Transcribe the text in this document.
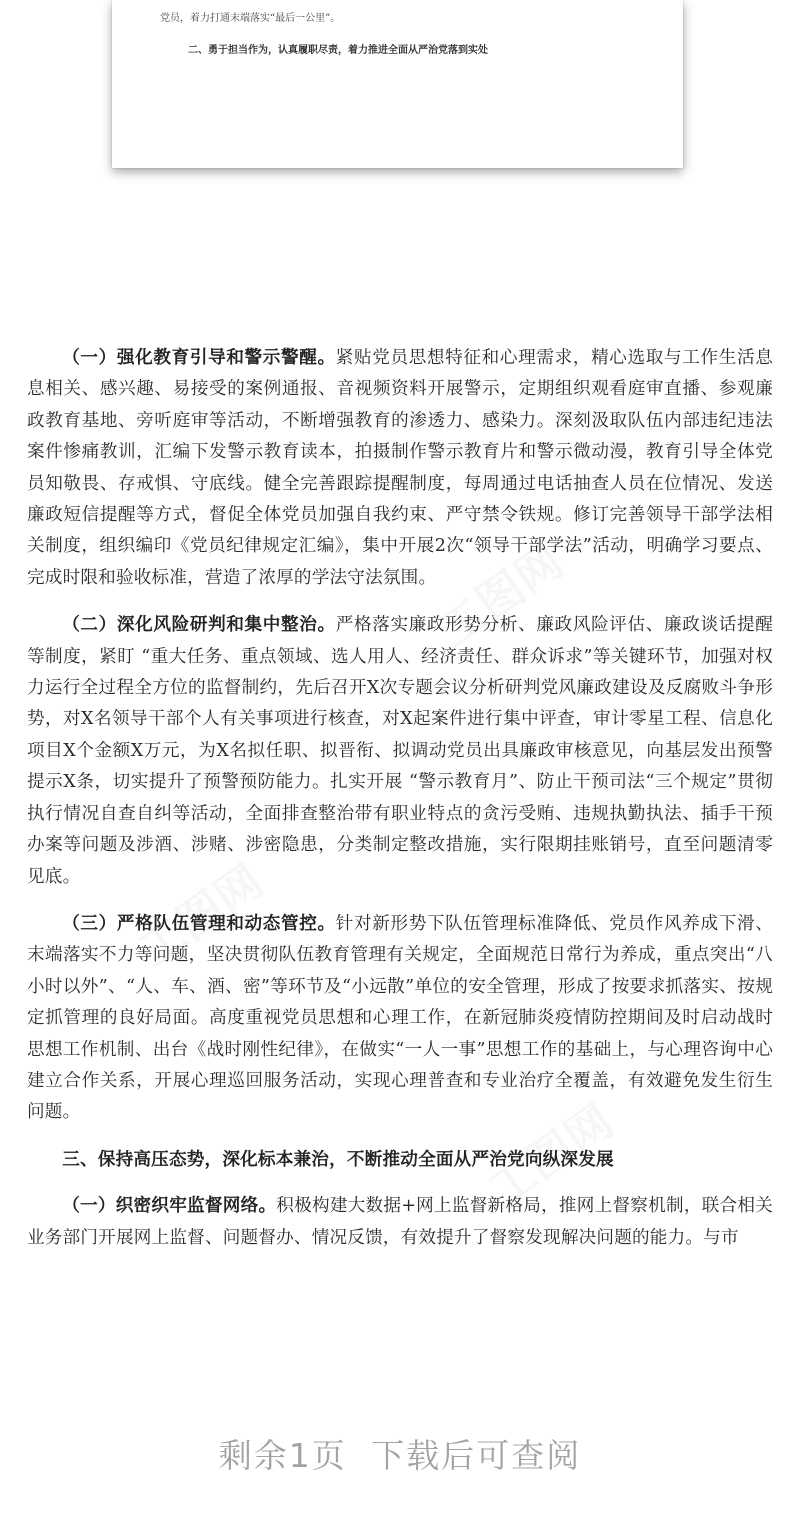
党员，着力打通末端落实“最后一公里”。
二、勇于担当作为，认真履职尽责，着力推进全面从严治党落到实处

（一）强化教育引导和警示警醒。紧贴党员思想特征和心理需求，精心选取与工作生活息息相关、感兴趣、易接受的案例通报、音视频资料开展警示，定期组织观看庭审直播、参观廉政教育基地、旁听庭审等活动，不断增强教育的渗透力、感染力。深刻汲取队伍内部违纪违法案件惨痛教训，汇编下发警示教育读本，拍摄制作警示教育片和警示微动漫，教育引导全体党员知敬畏、存戒惧、守底线。健全完善跟踪提醒制度，每周通过电话抽查人员在位情况、发送廉政短信提醒等方式，督促全体党员加强自我约束、严守禁令铁规。修订完善领导干部学法相关制度，组织编印《党员纪律规定汇编》，集中开展2次“领导干部学法”活动，明确学习要点、完成时限和验收标准，营造了浓厚的学法守法氛围。

（二）深化风险研判和集中整治。严格落实廉政形势分析、廉政风险评估、廉政谈话提醒等制度，紧盯 “重大任务、重点领域、选人用人、经济责任、群众诉求”等关键环节，加强对权力运行全过程全方位的监督制约，先后召开X次专题会议分析研判党风廉政建设及反腐败斗争形势，对X名领导干部个人有关事项进行核查，对X起案件进行集中评查，审计零星工程、信息化项目X个金额X万元，为X名拟任职、拟晋衔、拟调动党员出具廉政审核意见，向基层发出预警提示X条，切实提升了预警预防能力。扎实开展 “警示教育月”、防止干预司法“三个规定”贯彻执行情况自查自纠等活动，全面排查整治带有职业特点的贪污受贿、违规执勤执法、插手干预办案等问题及涉酒、涉赌、涉密隐患，分类制定整改措施，实行限期挂账销号，直至问题清零见底。

（三）严格队伍管理和动态管控。针对新形势下队伍管理标准降低、党员作风养成下滑、末端落实不力等问题，坚决贯彻队伍教育管理有关规定，全面规范日常行为养成，重点突出“八小时以外”、“人、车、酒、密”等环节及“小远散”单位的安全管理，形成了按要求抓落实、按规定抓管理的良好局面。高度重视党员思想和心理工作，在新冠肺炎疫情防控期间及时启动战时思想工作机制、出台《战时刚性纪律》，在做实“一人一事”思想工作的基础上，与心理咨询中心建立合作关系，开展心理巡回服务活动，实现心理普查和专业治疗全覆盖，有效避免发生衍生问题。

三、保持高压态势，深化标本兼治，不断推动全面从严治党向纵深发展

（一）织密织牢监督网络。积极构建大数据+网上监督新格局，推网上督察机制，联合相关业务部门开展网上监督、问题督办、情况反馈，有效提升了督察发现解决问题的能力。与市

剩余1页 下载后可查阅
